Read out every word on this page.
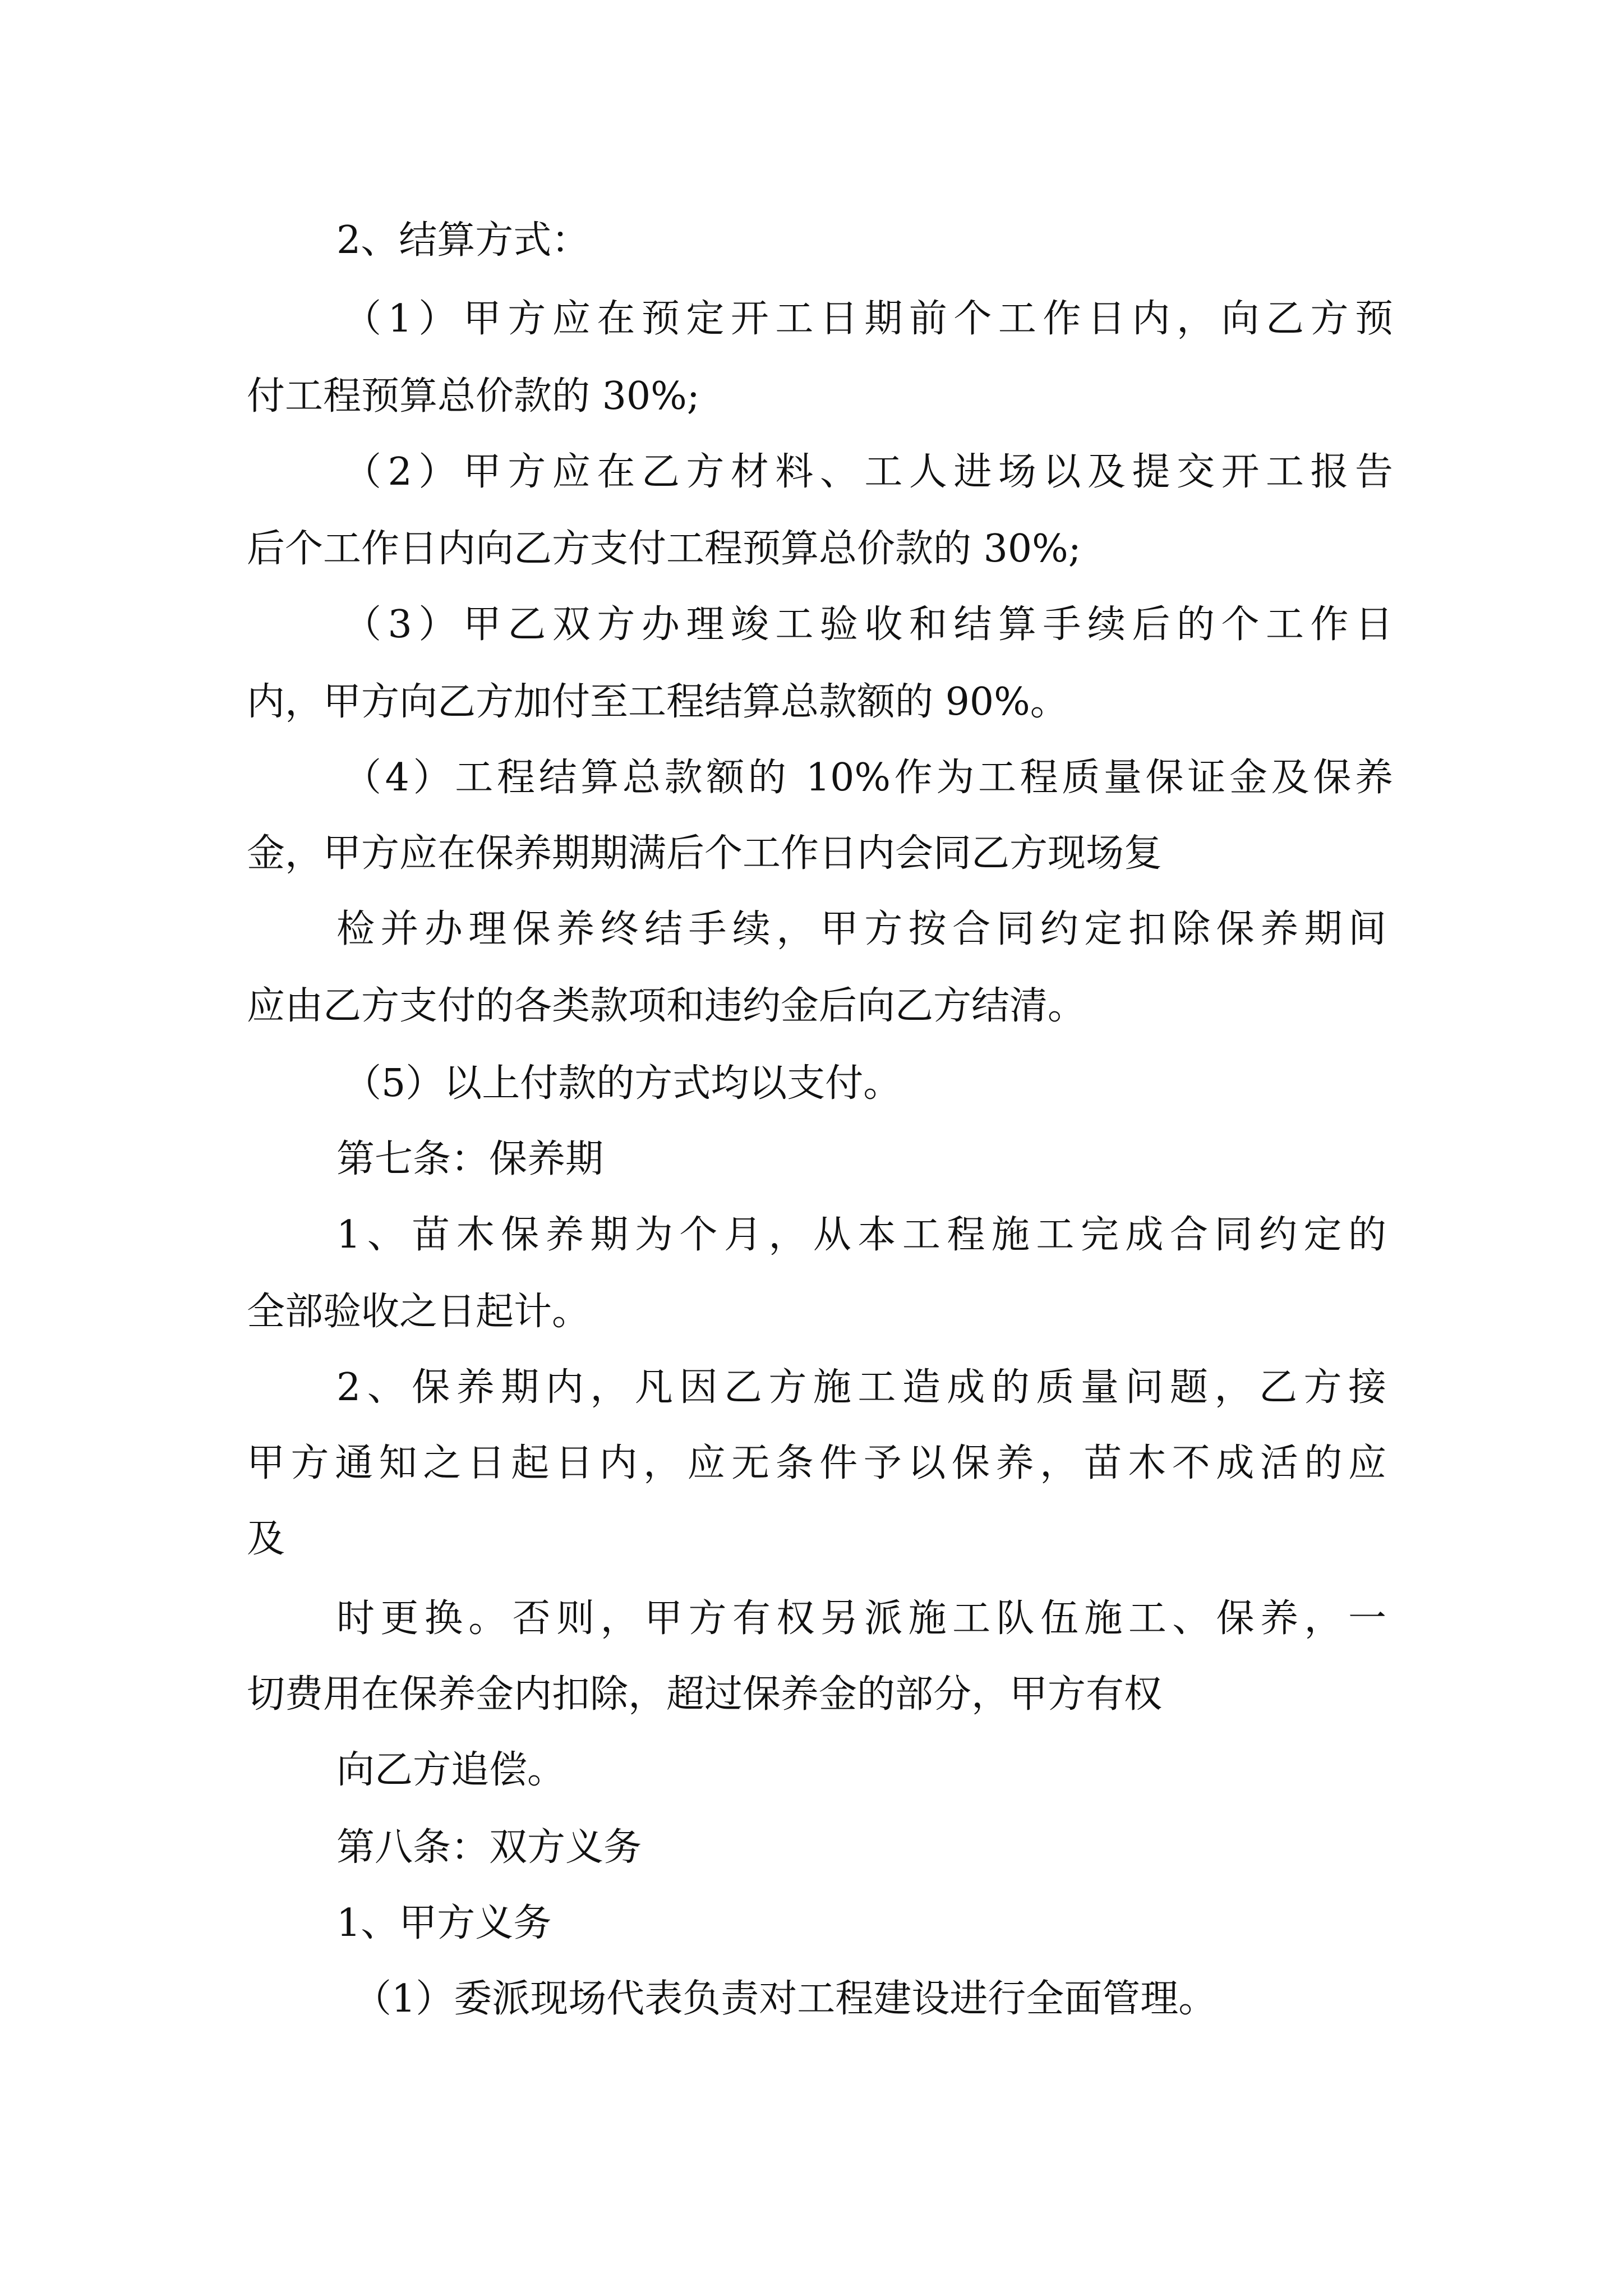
2、结算方式：
（1）甲方应在预定开工日期前个工作日内，向乙方预
付工程预算总价款的 30%;
（2）甲方应在乙方材料、工人进场以及提交开工报告
后个工作日内向乙方支付工程预算总价款的 30%;
（3）甲乙双方办理竣工验收和结算手续后的个工作日
内，甲方向乙方加付至工程结算总款额的 90%。
（4）工程结算总款额的 10%作为工程质量保证金及保养
金，甲方应在保养期期满后个工作日内会同乙方现场复
检并办理保养终结手续，甲方按合同约定扣除保养期间
应由乙方支付的各类款项和违约金后向乙方结清。
（5）以上付款的方式均以支付。
第七条：保养期
1、苗木保养期为个月，从本工程施工完成合同约定的
全部验收之日起计。
2、保养期内，凡因乙方施工造成的质量问题，乙方接
甲方通知之日起日内，应无条件予以保养，苗木不成活的应
及
时更换。否则，甲方有权另派施工队伍施工、保养，一
切费用在保养金内扣除，超过保养金的部分，甲方有权
向乙方追偿。
第八条：双方义务
1、甲方义务
（1）委派现场代表负责对工程建设进行全面管理。
